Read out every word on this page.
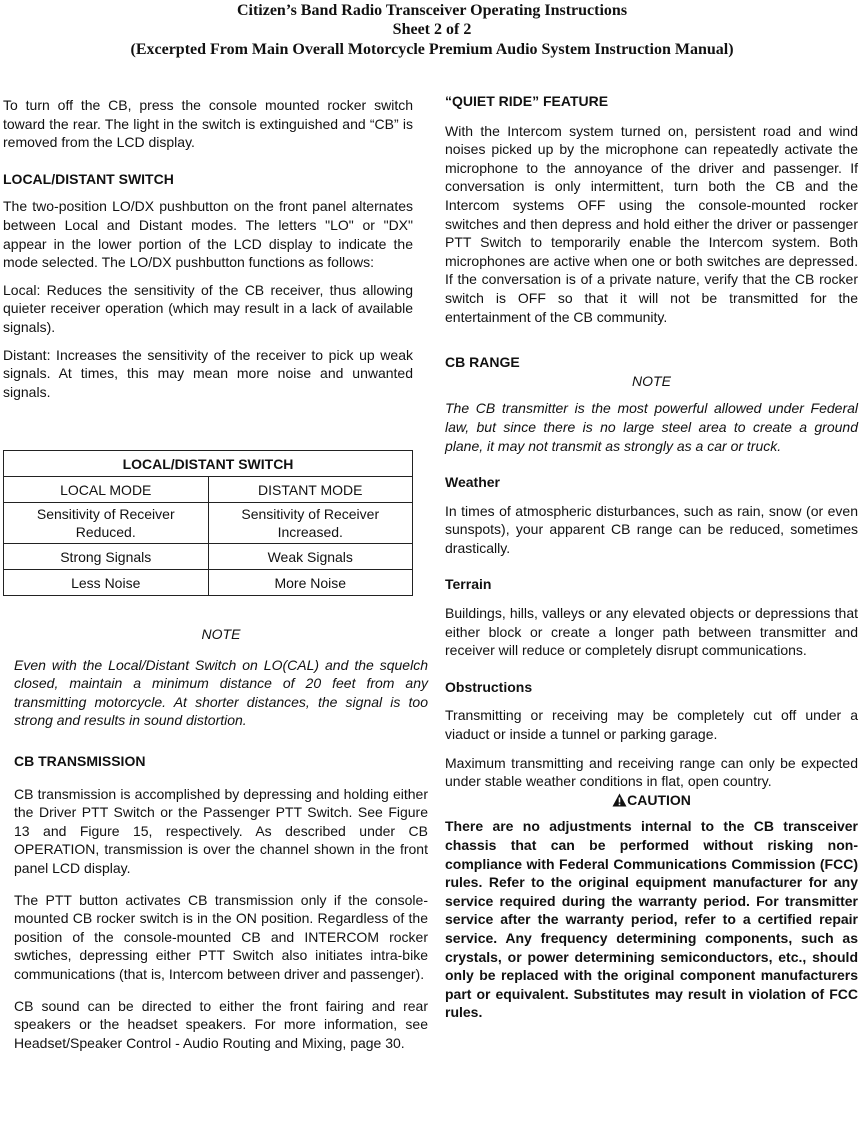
Citizen’s Band Radio Transceiver Operating Instructions
Sheet 2 of 2
(Excerpted From Main Overall Motorcycle Premium Audio System Instruction Manual)

To turn off the CB, press the console mounted rocker switch toward the rear. The light in the switch is extinguished and “CB” is removed from the LCD display.

LOCAL/DISTANT SWITCH

The two-position LO/DX pushbutton on the front panel alternates between Local and Distant modes. The letters "LO" or "DX" appear in the lower portion of the LCD display to indicate the mode selected. The LO/DX pushbutton functions as follows:

Local: Reduces the sensitivity of the CB receiver, thus allowing quieter receiver operation (which may result in a lack of available signals).

Distant: Increases the sensitivity of the receiver to pick up weak signals. At times, this may mean more noise and unwanted signals.

LOCAL/DISTANT SWITCH	
LOCAL MODE	DISTANT MODE
Sensitivity of Receiver Reduced.	Sensitivity of Receiver Increased.
Strong Signals	Weak Signals
Less Noise	More Noise
NOTE

Even with the Local/Distant Switch on LO(CAL) and the squelch closed, maintain a minimum distance of 20 feet from any transmitting motorcycle. At shorter distances, the signal is too strong and results in sound distortion.

CB TRANSMISSION

CB transmission is accomplished by depressing and holding either the Driver PTT Switch or the Passenger PTT Switch. See Figure 13 and Figure 15, respectively. As described under CB OPERATION, transmission is over the channel shown in the front panel LCD display.

The PTT button activates CB transmission only if the console-mounted CB rocker switch is in the ON position. Regardless of the position of the console-mounted CB and INTERCOM rocker swtiches, depressing either PTT Switch also initiates intra-bike communications (that is, Intercom between driver and passenger).

CB sound can be directed to either the front fairing and rear speakers or the headset speakers. For more information, see Headset/Speaker Control - Audio Routing and Mixing, page 30.

“QUIET RIDE” FEATURE

With the Intercom system turned on, persistent road and wind noises picked up by the microphone can repeatedly activate the microphone to the annoyance of the driver and passenger. If conversation is only intermittent, turn both the CB and the Intercom systems OFF using the console-mounted rocker switches and then depress and hold either the driver or passenger PTT Switch to temporarily enable the Intercom system. Both microphones are active when one or both switches are depressed. If the conversation is of a private nature, verify that the CB rocker switch is OFF so that it will not be transmitted for the entertainment of the CB community.

CB RANGE
NOTE

The CB transmitter is the most powerful allowed under Federal law, but since there is no large steel area to create a ground plane, it may not transmit as strongly as a car or truck.

Weather

In times of atmospheric disturbances, such as rain, snow (or even sunspots), your apparent CB range can be reduced, sometimes drastically.

Terrain

Buildings, hills, valleys or any elevated objects or depressions that either block or create a longer path between transmitter and receiver will reduce or completely disrupt communications.

Obstructions

Transmitting or receiving may be completely cut off under a viaduct or inside a tunnel or parking garage.

Maximum transmitting and receiving range can only be expected under stable weather conditions in flat, open country.

CAUTION

There are no adjustments internal to the CB transceiver chassis that can be performed without risking non-compliance with Federal Communications Commission (FCC) rules. Refer to the original equipment manufacturer for any service required during the warranty period. For transmitter service after the warranty period, refer to a certified repair service. Any frequency determining components, such as crystals, or power determining semiconductors, etc., should only be replaced with the original component manufacturers part or equivalent. Substitutes may result in violation of FCC rules.
